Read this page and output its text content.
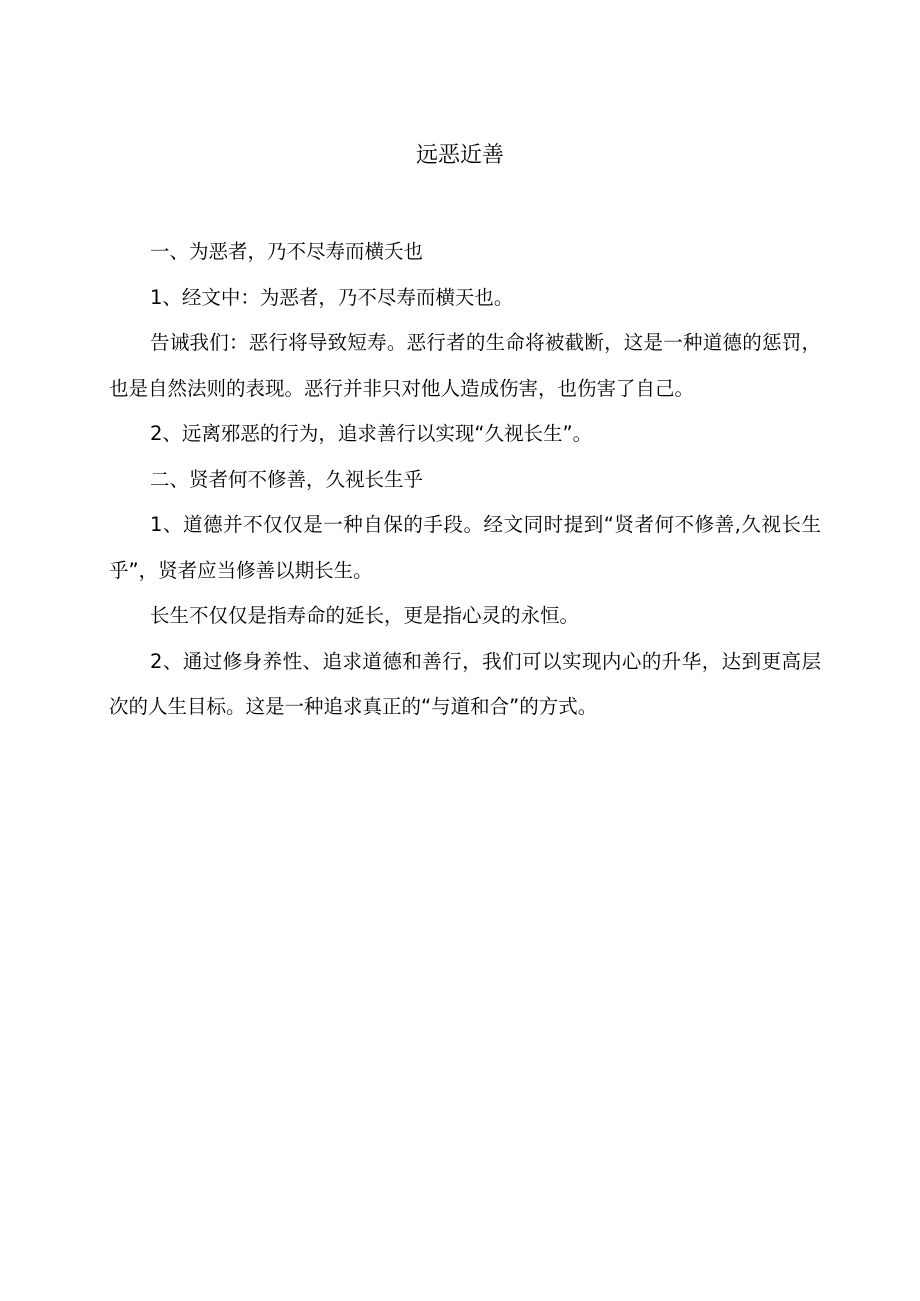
远恶近善

一、为恶者，乃不尽寿而横夭也

1、经文中：为恶者，乃不尽寿而横天也。

告诫我们：恶行将导致短寿。恶行者的生命将被截断，这是一种道德的惩罚，也是自然法则的表现。恶行并非只对他人造成伤害，也伤害了自己。

2、远离邪恶的行为，追求善行以实现“久视长生”。

二、贤者何不修善，久视长生乎

1、道德并不仅仅是一种自保的手段。经文同时提到“贤者何不修善,久视长生乎”，贤者应当修善以期长生。

长生不仅仅是指寿命的延长，更是指心灵的永恒。

2、通过修身养性、追求道德和善行，我们可以实现内心的升华，达到更高层次的人生目标。这是一种追求真正的“与道和合”的方式。
